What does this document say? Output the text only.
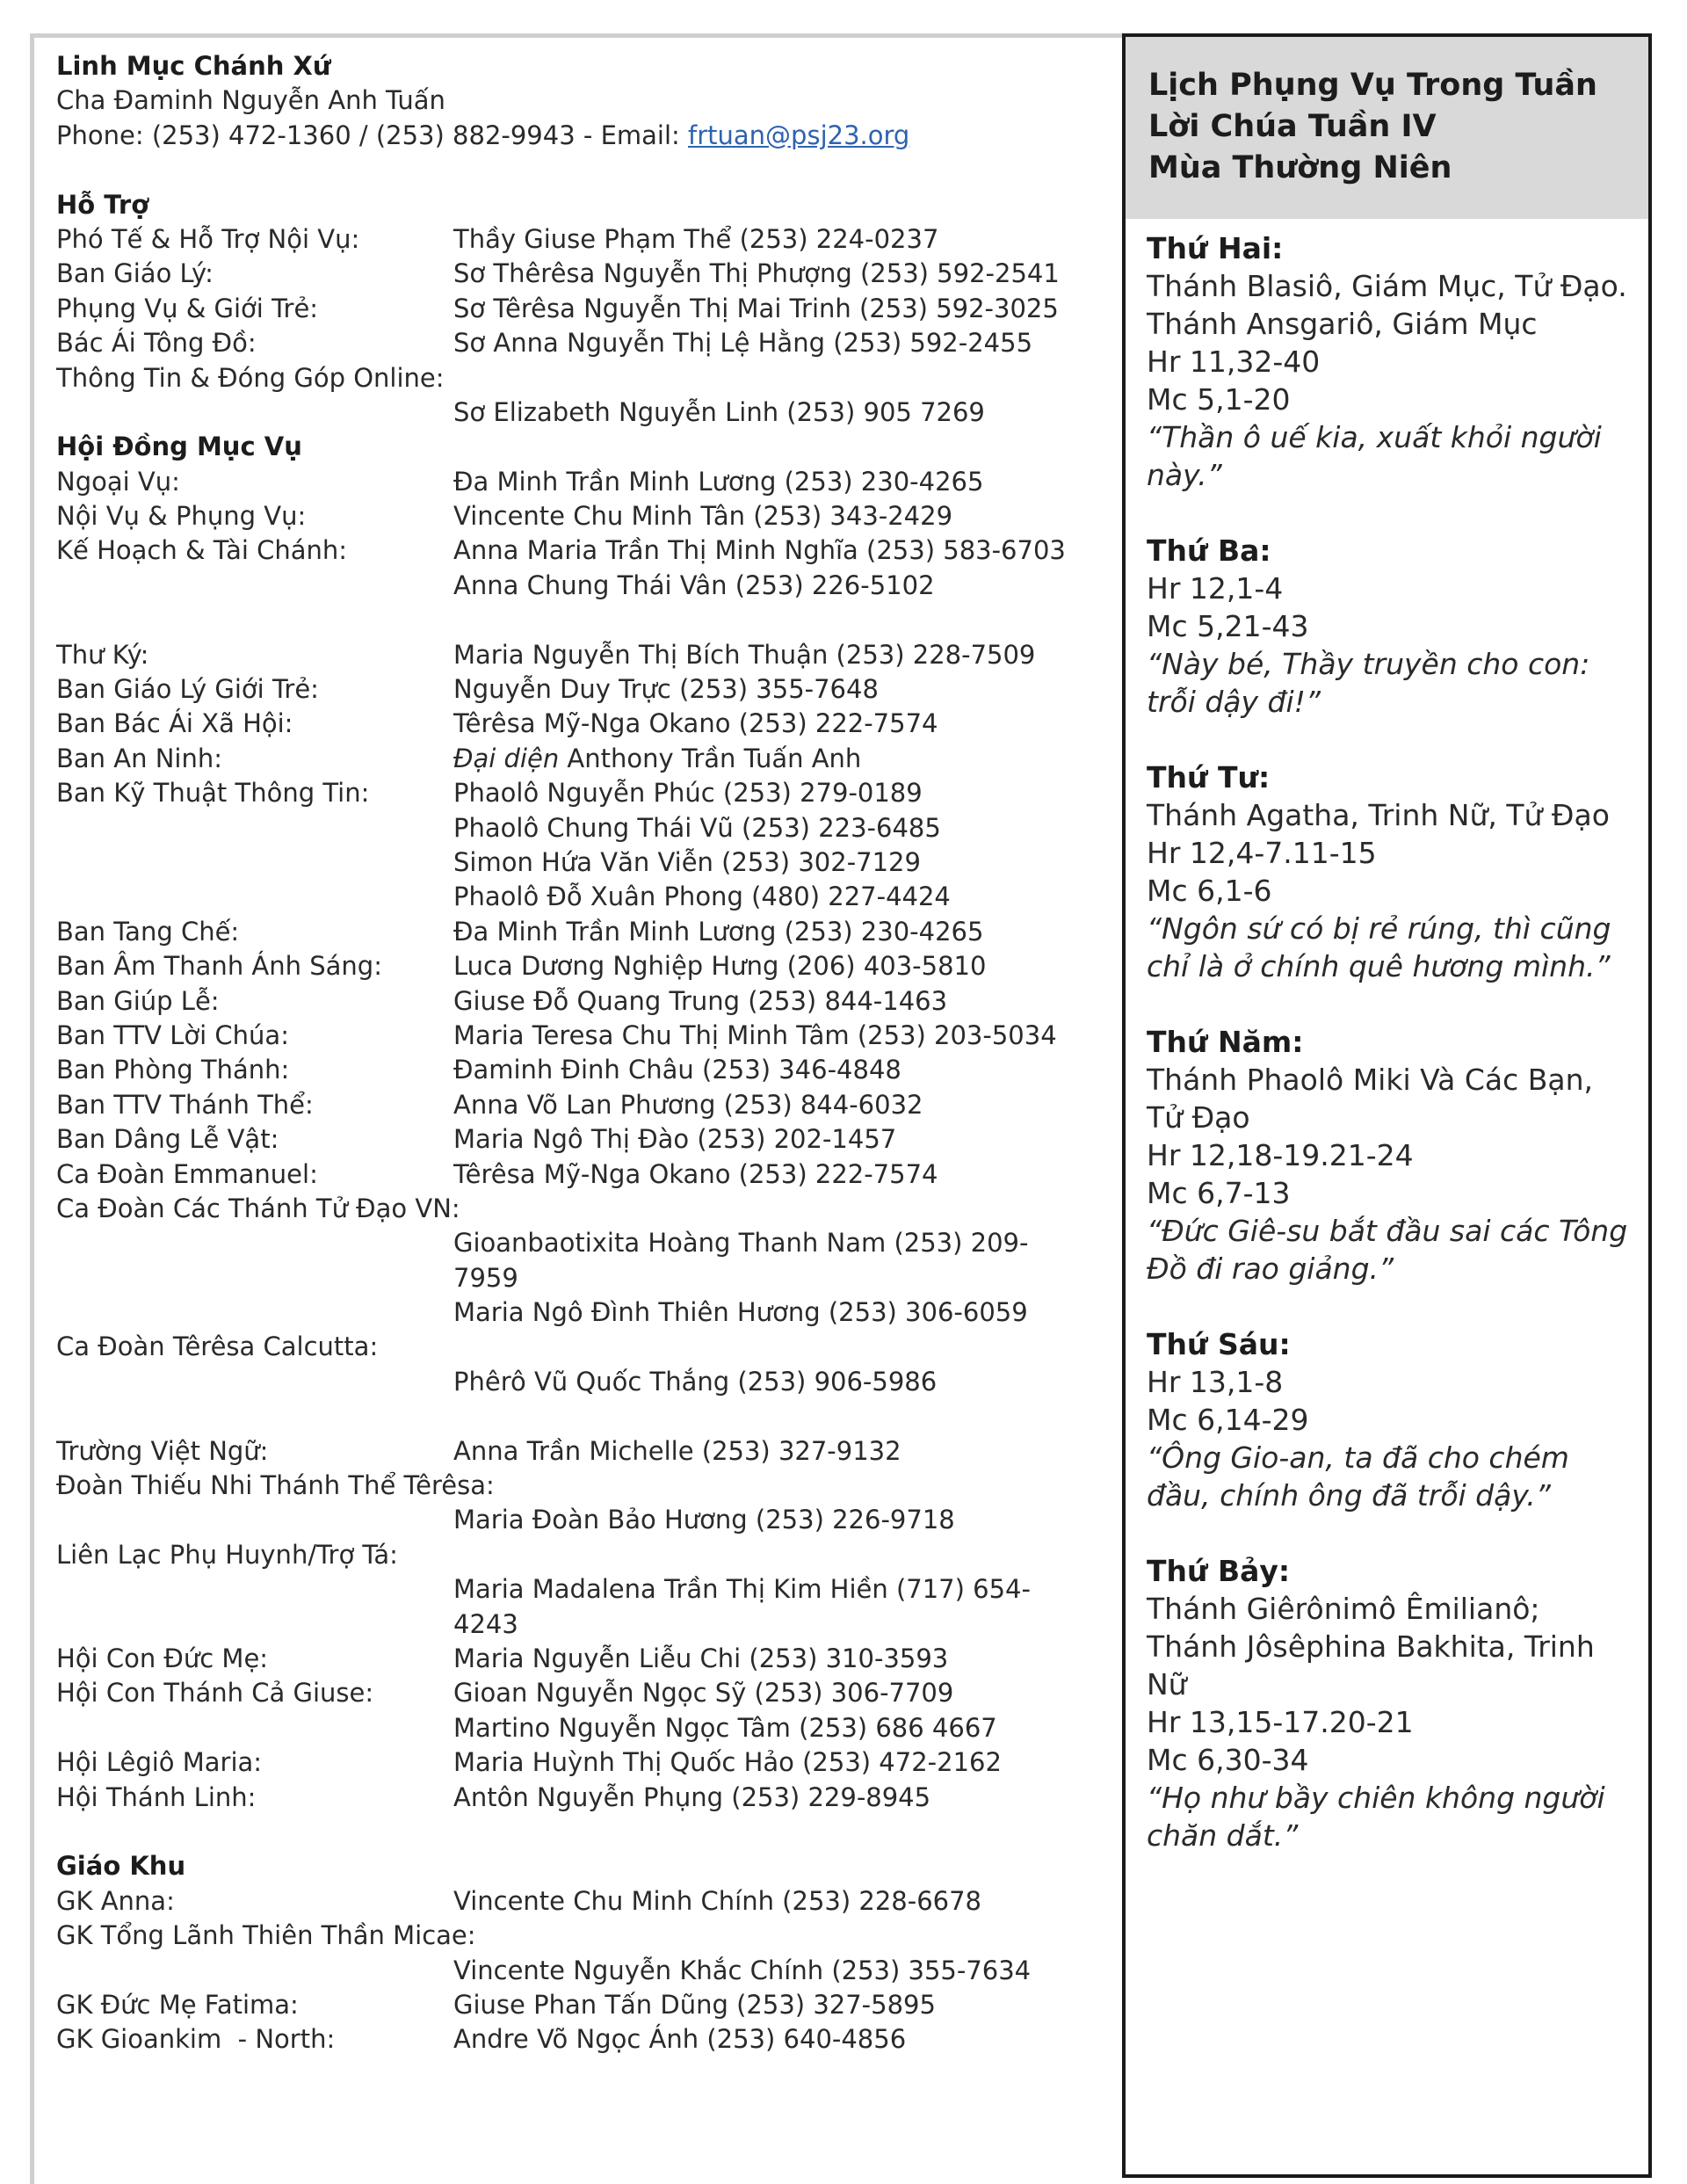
Linh Mục Chánh Xứ
Cha Đaminh Nguyễn Anh Tuấn
Phone: (253) 472-1360 / (253) 882-9943 - Email: frtuan@psj23.org
Hỗ Trợ
Phó Tế & Hỗ Trợ Nội Vụ:	Thầy Giuse Phạm Thể (253) 224-0237
Ban Giáo Lý:	Sơ Thêrêsa Nguyễn Thị Phượng (253) 592-2541
Phụng Vụ & Giới Trẻ:	Sơ Têrêsa Nguyễn Thị Mai Trinh (253) 592-3025
Bác Ái Tông Đồ:	Sơ Anna Nguyễn Thị Lệ Hằng (253) 592-2455
Thông Tin & Đóng Góp Online:
Sơ Elizabeth Nguyễn Linh (253) 905 7269
Hội Đồng Mục Vụ
Ngoại Vụ:	Đa Minh Trần Minh Lương (253) 230-4265
Nội Vụ & Phụng Vụ:	Vincente Chu Minh Tân (253) 343-2429
Kế Hoạch & Tài Chánh:	Anna Maria Trần Thị Minh Nghĩa (253) 583-6703
Anna Chung Thái Vân (253) 226-5102
Thư Ký:	Maria Nguyễn Thị Bích Thuận (253) 228-7509
Ban Giáo Lý Giới Trẻ:	Nguyễn Duy Trực (253) 355-7648
Ban Bác Ái Xã Hội:	Têrêsa Mỹ-Nga Okano (253) 222-7574
Ban An Ninh:	Đại diện Anthony Trần Tuấn Anh
Ban Kỹ Thuật Thông Tin:	Phaolô Nguyễn Phúc (253) 279-0189
Phaolô Chung Thái Vũ (253) 223-6485
Simon Hứa Văn Viễn (253) 302-7129
Phaolô Đỗ Xuân Phong (480) 227-4424
Ban Tang Chế:	Đa Minh Trần Minh Lương (253) 230-4265
Ban Âm Thanh Ánh Sáng:	Luca Dương Nghiệp Hưng (206) 403-5810
Ban Giúp Lễ:	Giuse Đỗ Quang Trung (253) 844-1463
Ban TTV Lời Chúa:	Maria Teresa Chu Thị Minh Tâm (253) 203-5034
Ban Phòng Thánh:	Đaminh Đinh Châu (253) 346-4848
Ban TTV Thánh Thể:	Anna Võ Lan Phương (253) 844-6032
Ban Dâng Lễ Vật:	Maria Ngô Thị Đào (253) 202-1457
Ca Đoàn Emmanuel:	Têrêsa Mỹ-Nga Okano (253) 222-7574
Ca Đoàn Các Thánh Tử Đạo VN:
Gioanbaotixita Hoàng Thanh Nam (253) 209-7959
Maria Ngô Đình Thiên Hương (253) 306-6059
Ca Đoàn Têrêsa Calcutta:
Phêrô Vũ Quốc Thắng (253) 906-5986
Trường Việt Ngữ:	Anna Trần Michelle (253) 327-9132
Đoàn Thiếu Nhi Thánh Thể Têrêsa:
Maria Đoàn Bảo Hương (253) 226-9718
Liên Lạc Phụ Huynh/Trợ Tá:
Maria Madalena Trần Thị Kim Hiền (717) 654-4243
Hội Con Đức Mẹ:	Maria Nguyễn Liễu Chi (253) 310-3593
Hội Con Thánh Cả Giuse:	Gioan Nguyễn Ngọc Sỹ (253) 306-7709
Martino Nguyễn Ngọc Tâm (253) 686 4667
Hội Lêgiô Maria:	Maria Huỳnh Thị Quốc Hảo (253) 472-2162
Hội Thánh Linh:	Antôn Nguyễn Phụng (253) 229-8945
Giáo Khu
GK Anna:	Vincente Chu Minh Chính (253) 228-6678
GK Tổng Lãnh Thiên Thần Micae:
Vincente Nguyễn Khắc Chính (253) 355-7634
GK Đức Mẹ Fatima:	Giuse Phan Tấn Dũng (253) 327-5895
GK Gioankim  - North:	Andre Võ Ngọc Ánh (253) 640-4856
Lịch Phụng Vụ Trong Tuần
Lời Chúa Tuần IV
Mùa Thường Niên
Thứ Hai:
Thánh Blasiô, Giám Mục, Tử Đạo.
Thánh Ansgariô, Giám Mục
Hr 11,32-40
Mc 5,1-20
“Thần ô uế kia, xuất khỏi người này.”
Thứ Ba:
Hr 12,1-4
Mc 5,21-43
“Này bé, Thầy truyền cho con: trỗi dậy đi!”
Thứ Tư:
Thánh Agatha, Trinh Nữ, Tử Đạo
Hr 12,4-7.11-15
Mc 6,1-6
“Ngôn sứ có bị rẻ rúng, thì cũng chỉ là ở chính quê hương mình.”
Thứ Năm:
Thánh Phaolô Miki Và Các Bạn, Tử Đạo
Hr 12,18-19.21-24
Mc 6,7-13
“Đức Giê-su bắt đầu sai các Tông Đồ đi rao giảng.”
Thứ Sáu:
Hr 13,1-8
Mc 6,14-29
“Ông Gio-an, ta đã cho chém đầu, chính ông đã trỗi dậy.”
Thứ Bảy:
Thánh Giêrônimô Êmilianô; Thánh Jôsêphina Bakhita, Trinh Nữ
Hr 13,15-17.20-21
Mc 6,30-34
“Họ như bầy chiên không người chăn dắt.”
